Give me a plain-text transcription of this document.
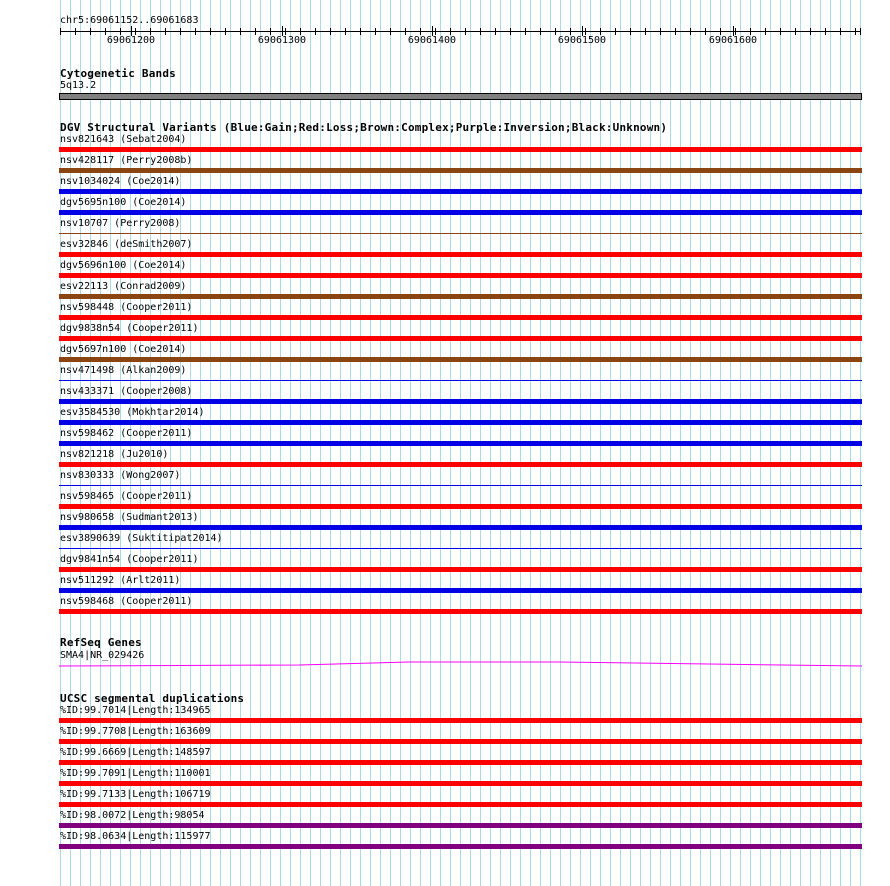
chr5:69061152..69061683
69061200	69061300	69061400	69061500	69061600
Cytogenetic Bands
5q13.2
DGV Structural Variants (Blue:Gain;Red:Loss;Brown:Complex;Purple:Inversion;Black:Unknown)
nsv821643 (Sebat2004)
nsv428117 (Perry2008b)
nsv1034024 (Coe2014)
dgv5695n100 (Coe2014)
nsv10707 (Perry2008)
esv32846 (deSmith2007)
dgv5696n100 (Coe2014)
esv22113 (Conrad2009)
nsv598448 (Cooper2011)
dgv9838n54 (Cooper2011)
dgv5697n100 (Coe2014)
nsv471498 (Alkan2009)
nsv433371 (Cooper2008)
esv3584530 (Mokhtar2014)
nsv598462 (Cooper2011)
nsv821218 (Ju2010)
nsv830333 (Wong2007)
nsv598465 (Cooper2011)
nsv980658 (Sudmant2013)
esv3890639 (Suktitipat2014)
dgv9841n54 (Cooper2011)
nsv511292 (Arlt2011)
nsv598468 (Cooper2011)
RefSeq Genes
SMA4|NR_029426
UCSC segmental duplications
%ID:99.7014|Length:134965
%ID:99.7708|Length:163609
%ID:99.6669|Length:148597
%ID:99.7091|Length:110001
%ID:99.7133|Length:106719
%ID:98.0072|Length:98054
%ID:98.0634|Length:115977
